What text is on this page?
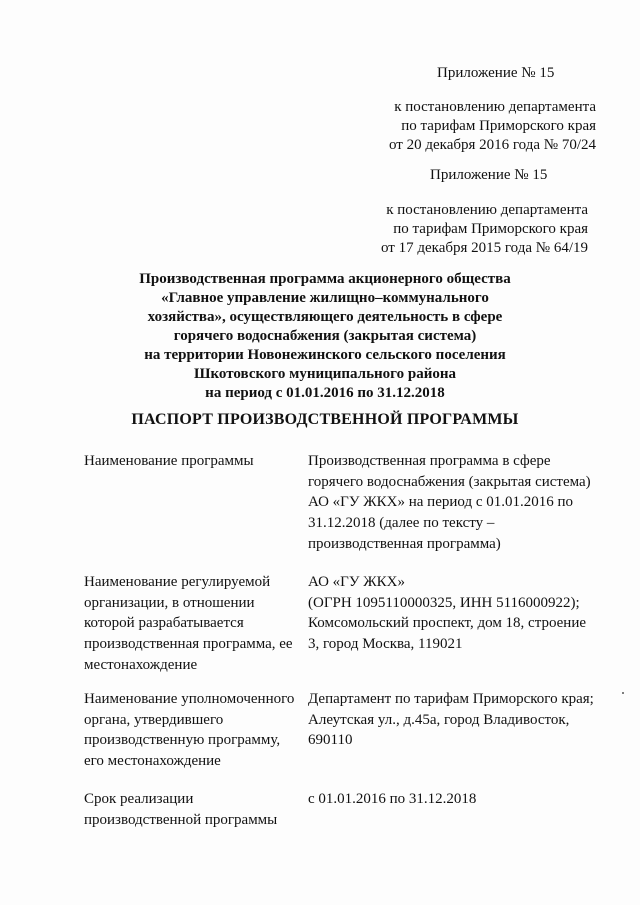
Приложение № 15
к постановлению департамента
по тарифам Приморского края
от 20 декабря 2016 года № 70/24
Приложение № 15
к постановлению департамента
по тарифам Приморского края
от 17 декабря 2015 года № 64/19
Производственная программа акционерного общества
«Главное управление жилищно–коммунального
хозяйства», осуществляющего деятельность в сфере
горячего водоснабжения (закрытая система)
на территории Новонежинского сельского поселения
Шкотовского муниципального района
на период с 01.01.2016 по 31.12.2018
ПАСПОРТ ПРОИЗВОДСТВЕННОЙ ПРОГРАММЫ
Наименование программы	Производственная программа в сфере
горячего водоснабжения (закрытая система)
АО «ГУ ЖКХ» на период с 01.01.2016 по
31.12.2018 (далее по тексту –
производственная программа)
Наименование регулируемой
организации, в отношении
которой разрабатывается
производственная программа, ее
местонахождение
АО «ГУ ЖКХ»
(ОГРН 1095110000325, ИНН 5116000922);
Комсомольский проспект, дом 18, строение
3, город Москва, 119021
Наименование уполномоченного
органа, утвердившего
производственную программу,
его местонахождение
Департамент по тарифам Приморского края;
Алеутская ул., д.45а, город Владивосток,
690110
Срок реализации
производственной программы
с 01.01.2016 по 31.12.2018
